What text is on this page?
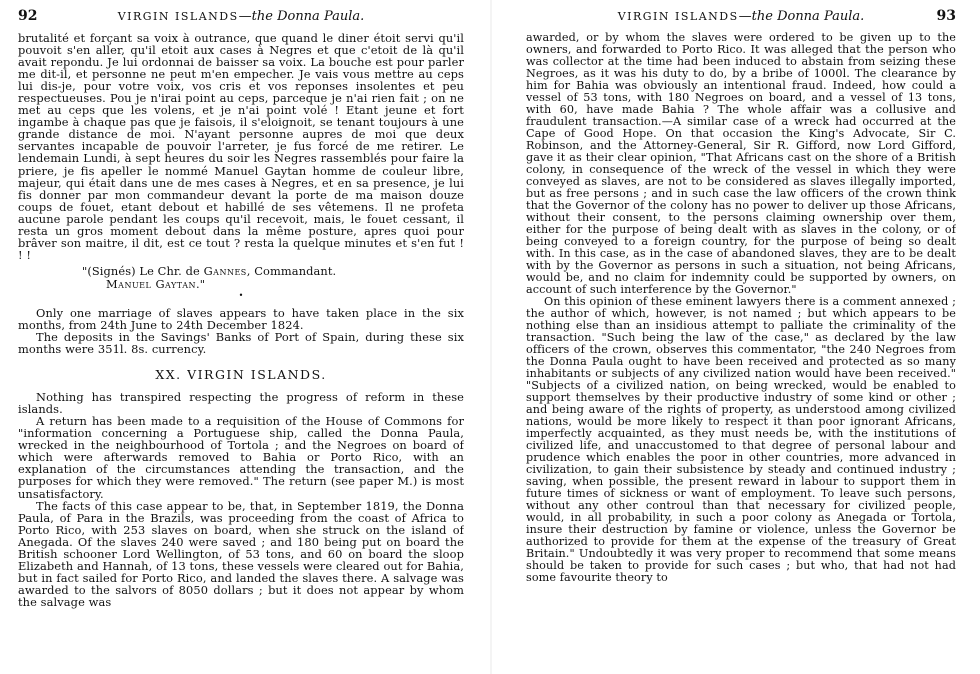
92	VIRGIN ISLANDS—the Donna Paula.

brutalité et forçant sa voix à outrance, que quand le diner étoit servi qu'il pouvoit s'en aller, qu'il etoit aux cases à Negres et que c'etoit de là qu'il avait repondu. Je lui ordonnai de baisser sa voix. La bouche est pour parler me dit-il, et personne ne peut m'en empecher. Je vais vous mettre au ceps lui dis-je, pour votre voix, vos cris et vos reponses insolentes et peu respectueuses. Pou je n'irai point au ceps, parceque je n'ai rien fait ; on ne met au ceps que les volens, et je n'ai point volé ! Etant jeune et fort ingambe à chaque pas que je faisois, il s'eloignoit, se tenant toujours à une grande distance de moi. N'ayant personne aupres de moi que deux servantes incapable de pouvoir l'arreter, je fus forcé de me retirer. Le lendemain Lundi, à sept heures du soir les Negres rassemblés pour faire la priere, je fis apeller le nommé Manuel Gaytan homme de couleur libre, majeur, qui était dans une de mes cases à Negres, et en sa presence, je lui fis donner par mon commandeur devant la porte de ma maison douze coups de fouet, etant debout et habillé de ses vêtemens. Il ne profeta aucune parole pendant les coups qu'il recevoit, mais, le fouet cessant, il resta un gros moment debout dans la même posture, apres quoi pour brâver son maitre, il dit, est ce tout ? resta la quelque minutes et s'en fut ! ! !

"(Signés) Le Chr. de Gannes, Commandant.
Manuel Gaytan."
•

Only one marriage of slaves appears to have taken place in the six months, from 24th June to 24th December 1824.

The deposits in the Savings' Banks of Port of Spain, during these six months were 351l. 8s. currency.

XX. VIRGIN ISLANDS.

Nothing has transpired respecting the progress of reform in these islands.

A return has been made to a requisition of the House of Commons for "information concerning a Portuguese ship, called the Donna Paula, wrecked in the neighbourhood of Tortola ; and the Negroes on board of which were afterwards removed to Bahia or Porto Rico, with an explanation of the circumstances attending the transaction, and the purposes for which they were removed." The return (see paper M.) is most unsatisfactory.

The facts of this case appear to be, that, in September 1819, the Donna Paula, of Para in the Brazils, was proceeding from the coast of Africa to Porto Rico, with 253 slaves on board, when she struck on the island of Anegada. Of the slaves 240 were saved ; and 180 being put on board the British schooner Lord Wellington, of 53 tons, and 60 on board the sloop Elizabeth and Hannah, of 13 tons, these vessels were cleared out for Bahia, but in fact sailed for Porto Rico, and landed the slaves there. A salvage was awarded to the salvors of 8050 dollars ; but it does not appear by whom the salvage was

VIRGIN ISLANDS—the Donna Paula.	93

awarded, or by whom the slaves were ordered to be given up to the owners, and forwarded to Porto Rico. It was alleged that the person who was collector at the time had been induced to abstain from seizing these Negroes, as it was his duty to do, by a bribe of 1000l. The clearance by him for Bahia was obviously an intentional fraud. Indeed, how could a vessel of 53 tons, with 180 Negroes on board, and a vessel of 13 tons, with 60, have made Bahia ? The whole affair was a collusive and fraudulent transaction.—A similar case of a wreck had occurred at the Cape of Good Hope. On that occasion the King's Advocate, Sir C. Robinson, and the Attorney-General, Sir R. Gifford, now Lord Gifford, gave it as their clear opinion, "That Africans cast on the shore of a British colony, in consequence of the wreck of the vessel in which they were conveyed as slaves, are not to be considered as slaves illegally imported, but as free persons ; and in such case the law officers of the crown think that the Governor of the colony has no power to deliver up those Africans, without their consent, to the persons claiming ownership over them, either for the purpose of being dealt with as slaves in the colony, or of being conveyed to a foreign country, for the purpose of being so dealt with. In this case, as in the case of abandoned slaves, they are to be dealt with by the Governor as persons in such a situation, not being Africans, would be, and no claim for indemnity could be supported by owners, on account of such interference by the Governor."

On this opinion of these eminent lawyers there is a comment annexed ; the author of which, however, is not named ; but which appears to be nothing else than an insidious attempt to palliate the criminality of the transaction. "Such being the law of the case," as declared by the law officers of the crown, observes this commentator, "the 240 Negroes from the Donna Paula ought to have been received and protected as so many inhabitants or subjects of any civilized nation would have been received." "Subjects of a civilized nation, on being wrecked, would be enabled to support themselves by their productive industry of some kind or other ; and being aware of the rights of property, as understood among civilized nations, would be more likely to respect it than poor ignorant Africans, imperfectly acquainted, as they must needs be, with the institutions of civilized life, and unaccustomed to that degree of personal labour and prudence which enables the poor in other countries, more advanced in civilization, to gain their subsistence by steady and continued industry ; saving, when possible, the present reward in labour to support them in future times of sickness or want of employment. To leave such persons, without any other controul than that necessary for civilized people, would, in all probability, in such a poor colony as Anegada or Tortola, insure their destruction by famine or violence, unless the Governor be authorized to provide for them at the expense of the treasury of Great Britain." Undoubtedly it was very proper to recommend that some means should be taken to provide for such cases ; but who, that had not had some favourite theory to
